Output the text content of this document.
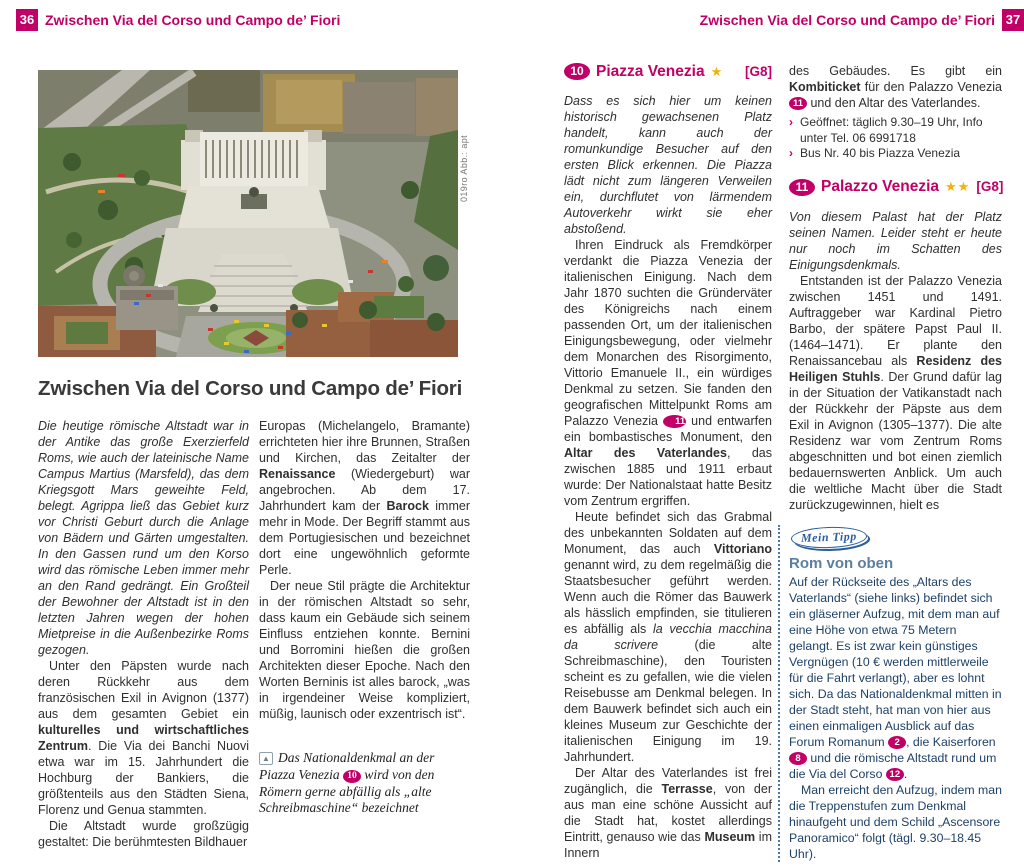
36 Zwischen Via del Corso und Campo de’ Fiori	Zwischen Via del Corso und Campo de’ Fiori 37
019ro Abb.: apt
Zwischen Via del Corso und Campo de’ Fiori

Die heutige römische Altstadt war in der Antike das große Exerzierfeld Roms, wie auch der lateinische Name Campus Martius (Marsfeld), das dem Kriegsgott Mars geweihte Feld, belegt. Agrippa ließ das Gebiet kurz vor Christi Geburt durch die Anlage von Bädern und Gärten umgestalten. In den Gassen rund um den Korso wird das römische Leben immer mehr an den Rand gedrängt. Ein Großteil der Bewohner der Altstadt ist in den letzten Jahren wegen der hohen Mietpreise in die Außenbezirke Roms gezogen.

Unter den Päpsten wurde nach deren Rückkehr aus dem französischen Exil in Avignon (1377) aus dem gesamten Gebiet ein kulturelles und wirtschaftliches Zentrum. Die Via dei Banchi Nuovi etwa war im 15. Jahrhundert die Hochburg der Bankiers, die größtenteils aus den Städten Siena, Florenz und Genua stammten.

Die Altstadt wurde großzügig gestaltet: Die berühmtesten Bildhauer

Europas (Michelangelo, Bramante) errichteten hier ihre Brunnen, Straßen und Kirchen, das Zeitalter der Renaissance (Wiedergeburt) war angebrochen. Ab dem 17. Jahrhundert kam der Barock immer mehr in Mode. Der Begriff stammt aus dem Portugiesischen und bezeichnet dort eine ungewöhnlich geformte Perle.

Der neue Stil prägte die Architektur in der römischen Altstadt so sehr, dass kaum ein Gebäude sich seinem Einfluss entziehen konnte. Bernini und Borromini hießen die großen Architekten dieser Epoche. Nach den Worten Berninis ist alles barock, „was in irgendeiner Weise kompliziert, müßig, launisch oder exzentrisch ist“.

▲ Das Nationaldenkmal an der Piazza Venezia 10 wird von den Römern gerne abfällig als „alte Schreibmaschine“ bezeichnet

10 Piazza Venezia ★ [G8]

Dass es sich hier um keinen historisch gewachsenen Platz handelt, kann auch der romunkundige Besucher auf den ersten Blick erkennen. Die Piazza lädt nicht zum längeren Verweilen ein, durchflutet von lärmendem Autoverkehr wirkt sie eher abstoßend.

Ihren Eindruck als Fremdkörper verdankt die Piazza Venezia der italienischen Einigung. Nach dem Jahr 1870 suchten die Gründerväter des Königreichs nach einem passenden Ort, um der italienischen Einigungsbewegung, oder vielmehr dem Monarchen des Risorgimento, Vittorio Emanuele II., ein würdiges Denkmal zu setzen. Sie fanden den geografischen Mittelpunkt Roms am Palazzo Venezia 11 und entwarfen ein bombastisches Monument, den Altar des Vaterlandes, das zwischen 1885 und 1911 erbaut wurde: Der Nationalstaat hatte Besitz vom Zentrum ergriffen.

Heute befindet sich das Grabmal des unbekannten Soldaten auf dem Monument, das auch Vittoriano genannt wird, zu dem regelmäßig die Staatsbesucher geführt werden. Wenn auch die Römer das Bauwerk als hässlich empfinden, sie titulieren es abfällig als la vecchia macchina da scrivere (die alte Schreibmaschine), den Touristen scheint es zu gefallen, wie die vielen Reisebusse am Denkmal belegen. In dem Bauwerk befindet sich auch ein kleines Museum zur Geschichte der italienischen Einigung im 19. Jahrhundert.

Der Altar des Vaterlandes ist frei zugänglich, die Terrasse, von der aus man eine schöne Aussicht auf die Stadt hat, kostet allerdings Eintritt, genauso wie das Museum im Innern

des Gebäudes. Es gibt ein Kombiticket für den Palazzo Venezia 11 und den Altar des Vaterlandes.

› Geöffnet: täglich 9.30–19 Uhr, Info unter Tel. 06 6991718
› Bus Nr. 40 bis Piazza Venezia
11 Palazzo Venezia ★★ [G8]

Von diesem Palast hat der Platz seinen Namen. Leider steht er heute nur noch im Schatten des Einigungsdenkmals.

Entstanden ist der Palazzo Venezia zwischen 1451 und 1491. Auftraggeber war Kardinal Pietro Barbo, der spätere Papst Paul II. (1464–1471). Er plante den Renaissancebau als Residenz des Heiligen Stuhls. Der Grund dafür lag in der Situation der Vatikanstadt nach der Rückkehr der Päpste aus dem Exil in Avignon (1305–1377). Die alte Residenz war vom Zentrum Roms abgeschnitten und bot einen ziemlich bedauernswerten Anblick. Um auch die weltliche Macht über die Stadt zurückzugewinnen, hielt es

Mein Tipp
Rom von oben

Auf der Rückseite des „Altars des Vaterlands“ (siehe links) befindet sich ein gläserner Aufzug, mit dem man auf eine Höhe von etwa 75 Metern gelangt. Es ist zwar kein günstiges Vergnügen (10 € werden mittlerweile für die Fahrt verlangt), aber es lohnt sich. Da das Nationaldenkmal mitten in der Stadt steht, hat man von hier aus einen einmaligen Ausblick auf das Forum Romanum 2 , die Kaiserforen 8 und die römische Altstadt rund um die Via del Corso 12 .

Man erreicht den Aufzug, indem man die Treppenstufen zum Denkmal hinaufgeht und dem Schild „Ascensore Panoramico“ folgt (tägl. 9.30–18.45 Uhr).
